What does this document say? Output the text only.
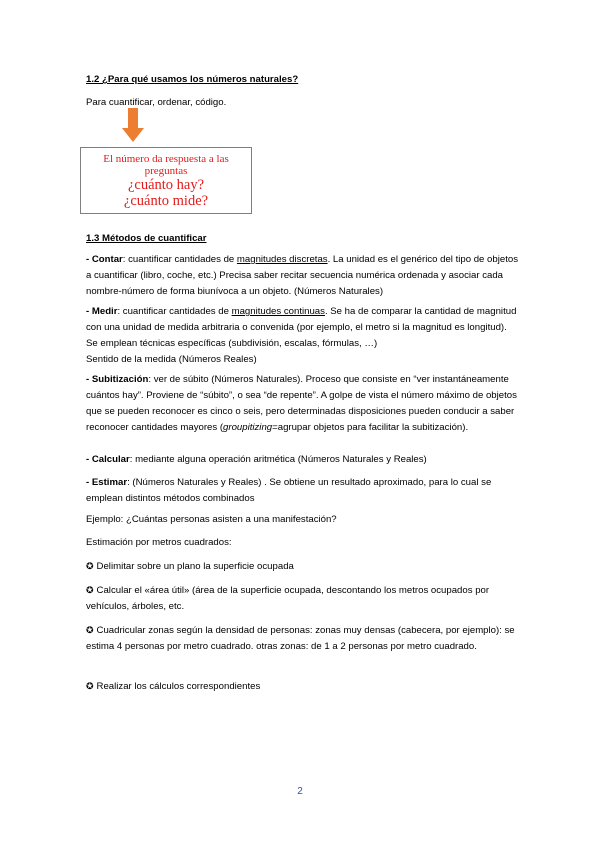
1.2 ¿Para qué usamos los números naturales?
Para cuantificar, ordenar, código.
El número da respuesta a las
preguntas
¿cuánto hay?
¿cuánto mide?
1.3 Métodos de cuantificar
- Contar: cuantificar cantidades de magnitudes discretas. La unidad es el genérico del tipo de objetos a cuantificar (libro, coche, etc.) Precisa saber recitar secuencia numérica ordenada y asociar cada nombre-número de forma biunívoca a un objeto. (Números Naturales)
- Medir: cuantificar cantidades de magnitudes continuas. Se ha de comparar la cantidad de magnitud con una unidad de medida arbitraria o convenida (por ejemplo, el metro si la magnitud es longitud). Se emplean técnicas específicas (subdivisión, escalas, fórmulas, …)
Sentido de la medida (Números Reales)
- Subitización: ver de súbito (Números Naturales). Proceso que consiste en “ver instantáneamente cuántos hay”. Proviene de “súbito”, o sea “de repente”. A golpe de vista el número máximo de objetos que se pueden reconocer es cinco o seis, pero determinadas disposiciones pueden conducir a saber reconocer cantidades mayores (groupitizing=agrupar objetos para facilitar la subitización).
- Calcular: mediante alguna operación aritmética (Números Naturales y Reales)
- Estimar: (Números Naturales y Reales) . Se obtiene un resultado aproximado, para lo cual se emplean distintos métodos combinados
Ejemplo: ¿Cuántas personas asisten a una manifestación?
Estimación por metros cuadrados:
✪ Delimitar sobre un plano la superficie ocupada
✪ Calcular el «área útil» (área de la superficie ocupada, descontando los metros ocupados por vehículos, árboles, etc.
✪ Cuadricular zonas según la densidad de personas: zonas muy densas (cabecera, por ejemplo): se estima 4 personas por metro cuadrado. otras zonas: de 1 a 2 personas por metro cuadrado.
✪ Realizar los cálculos correspondientes
2
